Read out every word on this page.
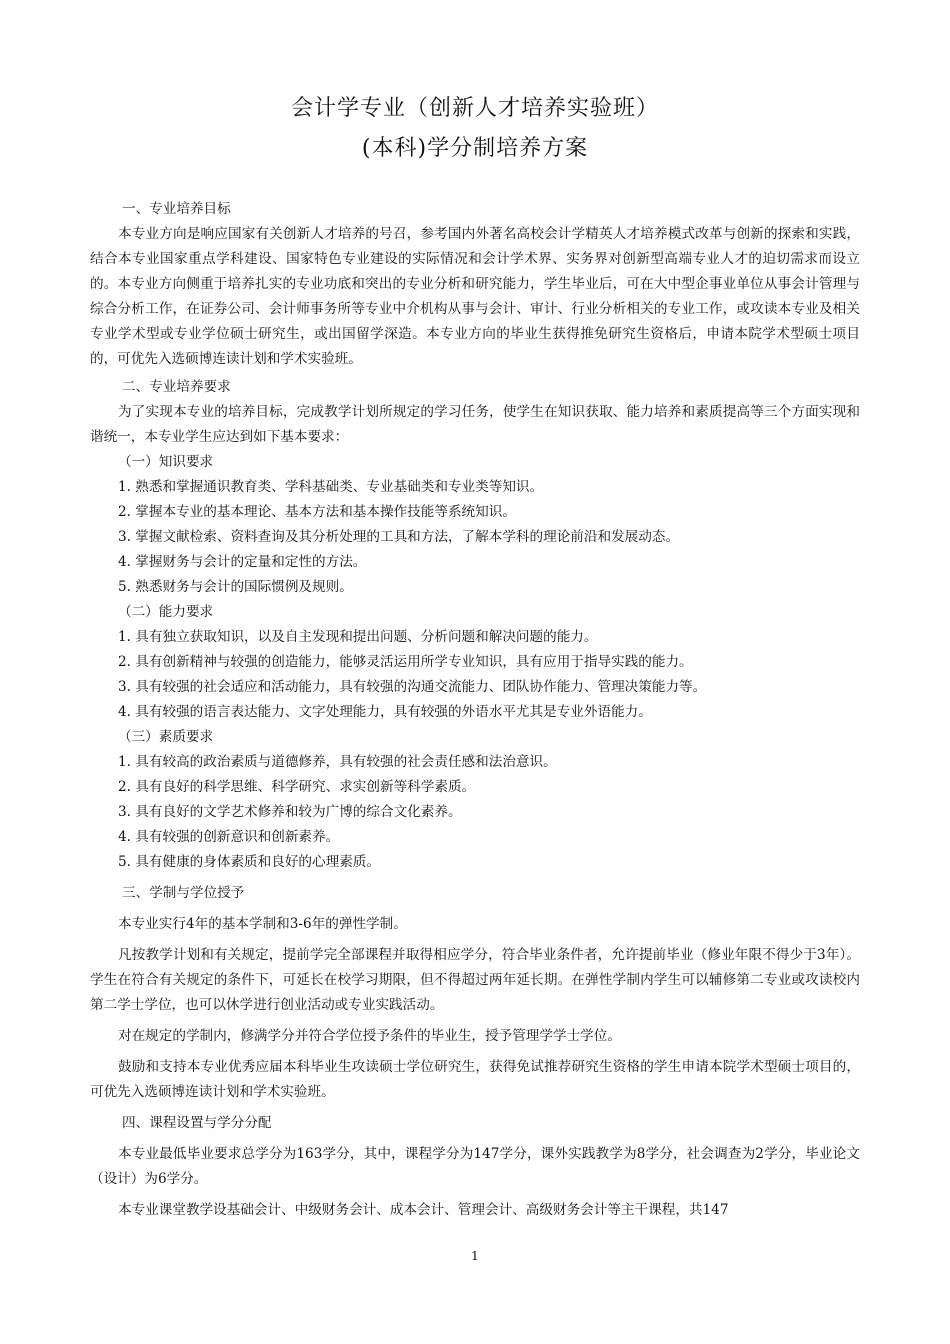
会计学专业（创新人才培养实验班）
(本科)学分制培养方案

一、专业培养目标

本专业方向是响应国家有关创新人才培养的号召，参考国内外著名高校会计学精英人才培养模式改革与创新的探索和实践，结合本专业国家重点学科建设、国家特色专业建设的实际情况和会计学术界、实务界对创新型高端专业人才的迫切需求而设立的。本专业方向侧重于培养扎实的专业功底和突出的专业分析和研究能力，学生毕业后，可在大中型企事业单位从事会计管理与综合分析工作，在证券公司、会计师事务所等专业中介机构从事与会计、审计、行业分析相关的专业工作，或攻读本专业及相关专业学术型或专业学位硕士研究生，或出国留学深造。本专业方向的毕业生获得推免研究生资格后，申请本院学术型硕士项目的，可优先入选硕博连读计划和学术实验班。

二、专业培养要求

为了实现本专业的培养目标，完成教学计划所规定的学习任务，使学生在知识获取、能力培养和素质提高等三个方面实现和谐统一，本专业学生应达到如下基本要求：

（一）知识要求

1. 熟悉和掌握通识教育类、学科基础类、专业基础类和专业类等知识。

2. 掌握本专业的基本理论、基本方法和基本操作技能等系统知识。

3. 掌握文献检索、资料查询及其分析处理的工具和方法，了解本学科的理论前沿和发展动态。

4. 掌握财务与会计的定量和定性的方法。

5. 熟悉财务与会计的国际惯例及规则。

（二）能力要求

1. 具有独立获取知识，以及自主发现和提出问题、分析问题和解决问题的能力。

2. 具有创新精神与较强的创造能力，能够灵活运用所学专业知识，具有应用于指导实践的能力。

3. 具有较强的社会适应和活动能力，具有较强的沟通交流能力、团队协作能力、管理决策能力等。

4. 具有较强的语言表达能力、文字处理能力，具有较强的外语水平尤其是专业外语能力。

（三）素质要求

1. 具有较高的政治素质与道德修养，具有较强的社会责任感和法治意识。

2. 具有良好的科学思维、科学研究、求实创新等科学素质。

3. 具有良好的文学艺术修养和较为广博的综合文化素养。

4. 具有较强的创新意识和创新素养。

5. 具有健康的身体素质和良好的心理素质。

三、学制与学位授予

本专业实行4年的基本学制和3-6年的弹性学制。

凡按教学计划和有关规定，提前学完全部课程并取得相应学分，符合毕业条件者，允许提前毕业（修业年限不得少于3年）。学生在符合有关规定的条件下，可延长在校学习期限，但不得超过两年延长期。在弹性学制内学生可以辅修第二专业或攻读校内第二学士学位，也可以休学进行创业活动或专业实践活动。

对在规定的学制内，修满学分并符合学位授予条件的毕业生，授予管理学学士学位。

鼓励和支持本专业优秀应届本科毕业生攻读硕士学位研究生，获得免试推荐研究生资格的学生申请本院学术型硕士项目的，可优先入选硕博连读计划和学术实验班。

四、课程设置与学分分配

本专业最低毕业要求总学分为163学分，其中，课程学分为147学分，课外实践教学为8学分，社会调查为2学分，毕业论文（设计）为6学分。

本专业课堂教学设基础会计、中级财务会计、成本会计、管理会计、高级财务会计等主干课程，共147

1
